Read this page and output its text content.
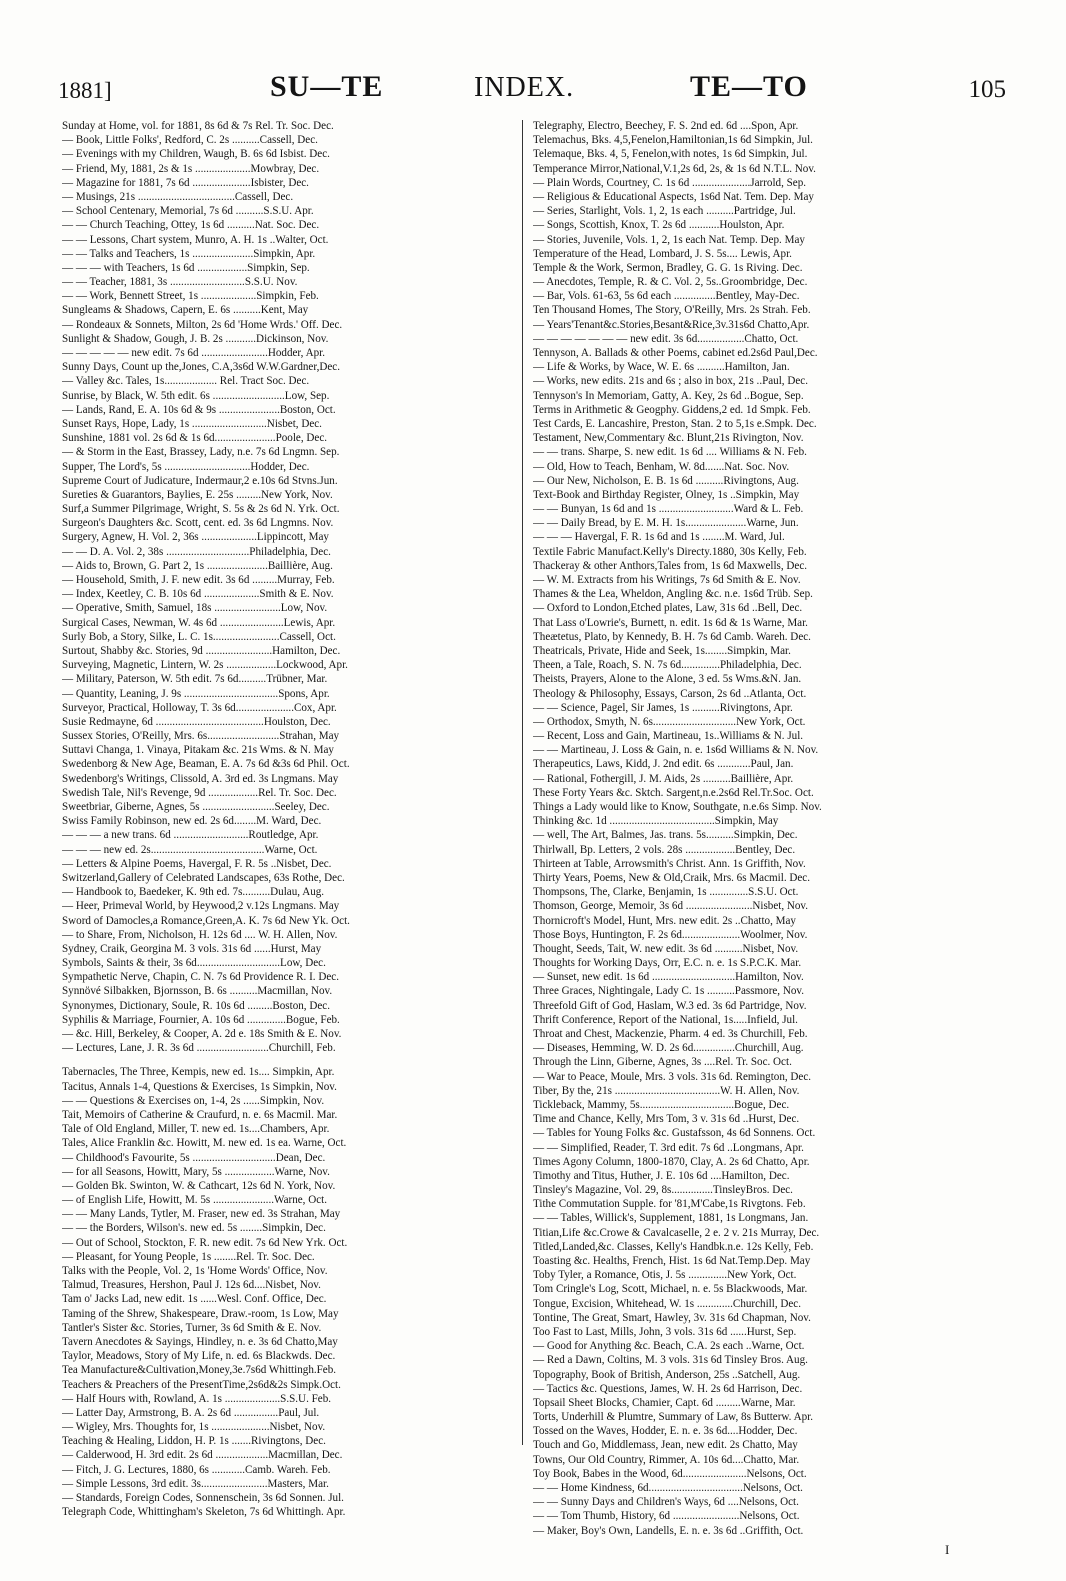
1881]	SU—TE	INDEX.	TE—TO	105
Sunday at Home, vol. for 1881, 8s 6d & 7s Rel. Tr. Soc. Dec.
— Book, Little Folks', Redford, C. 2s ..........Cassell, Dec.
— Evenings with my Children, Waugh, B. 6s 6d Isbist. Dec.
— Friend, My, 1881, 2s & 1s ....................Mowbray, Dec.
— Magazine for 1881, 7s 6d .....................Isbister, Dec.
— Musings, 21s ...................................Cassell, Dec.
— School Centenary, Memorial, 7s 6d ..........S.S.U. Apr.
— — Church Teaching, Ottey, 1s 6d ..........Nat. Soc. Dec.
— — Lessons, Chart system, Munro, A. H. 1s ..Walter, Oct.
— — Talks and Teachers, 1s ......................Simpkin, Apr.
— — — with Teachers, 1s 6d ..................Simpkin, Sep.
— — Teacher, 1881, 3s ...........................S.S.U. Nov.
— — Work, Bennett Street, 1s ....................Simpkin, Feb.
Sungleams & Shadows, Capern, E. 6s ..........Kent, May
— Rondeaux & Sonnets, Milton, 2s 6d 'Home Wrds.' Off. Dec.
Sunlight & Shadow, Gough, J. B. 2s ...........Dickinson, Nov.
— — — — — new edit. 7s 6d ........................Hodder, Apr.
Sunny Days, Count up the,Jones, C.A,3s6d W.W.Gardner,Dec.
— Valley &c. Tales, 1s................... Rel. Tract Soc. Dec.
Sunrise, by Black, W. 5th edit. 6s ..........................Low, Sep.
— Lands, Rand, E. A. 10s 6d & 9s ......................Boston, Oct.
Sunset Rays, Hope, Lady, 1s ...........................Nisbet, Dec.
Sunshine, 1881 vol. 2s 6d & 1s 6d......................Poole, Dec.
— & Storm in the East, Brassey, Lady, n.e. 7s 6d Lngmn. Sep.
Supper, The Lord's, 5s ...............................Hodder, Dec.
Supreme Court of Judicature, Indermaur,2 e.10s 6d Stvns.Jun.
Sureties & Guarantors, Baylies, E. 25s .........New York, Nov.
Surf,a Summer Pilgrimage, Wright, S. 5s & 2s 6d N. Yrk. Oct.
Surgeon's Daughters &c. Scott, cent. ed. 3s 6d Lngmns. Nov.
Surgery, Agnew, H. Vol. 2, 36s ....................Lippincott, May
— — D. A. Vol. 2, 38s ..............................Philadelphia, Dec.
— Aids to, Brown, G. Part 2, 1s ......................Baillière, Aug.
— Household, Smith, J. F. new edit. 3s 6d .........Murray, Feb.
— Index, Keetley, C. B. 10s 6d ....................Smith & E. Nov.
— Operative, Smith, Samuel, 18s ........................Low, Nov.
Surgical Cases, Newman, W. 4s 6d .......................Lewis, Apr.
Surly Bob, a Story, Silke, L. C. 1s........................Cassell, Oct.
Surtout, Shabby &c. Stories, 9d ........................Hamilton, Dec.
Surveying, Magnetic, Lintern, W. 2s ..................Lockwood, Apr.
— Military, Paterson, W. 5th edit. 7s 6d..........Trübner, Mar.
— Quantity, Leaning, J. 9s ..................................Spons, Apr.
Surveyor, Practical, Holloway, T. 3s 6d.....................Cox, Apr.
Susie Redmayne, 6d .......................................Houlston, Dec.
Sussex Stories, O'Reilly, Mrs. 6s..........................Strahan, May
Suttavi Changa, 1. Vinaya, Pitakam &c. 21s Wms. & N. May
Swedenborg & New Age, Beaman, E. A. 7s 6d &3s 6d Phil. Oct.
Swedenborg's Writings, Clissold, A. 3rd ed. 3s Lngmans. May
Swedish Tale, Nil's Revenge, 9d ..................Rel. Tr. Soc. Dec.
Sweetbriar, Giberne, Agnes, 5s ..........................Seeley, Dec.
Swiss Family Robinson, new ed. 2s 6d........M. Ward, Dec.
— — — a new trans. 6d ...........................Routledge, Apr.
— — — new ed. 2s.........................................Warne, Oct.
— Letters & Alpine Poems, Havergal, F. R. 5s ..Nisbet, Dec.
Switzerland,Gallery of Celebrated Landscapes, 63s Rothe, Dec.
— Handbook to, Baedeker, K. 9th ed. 7s..........Dulau, Aug.
— Heer, Primeval World, by Heywood,2 v.12s Lngmans. May
Sword of Damocles,a Romance,Green,A. K. 7s 6d New Yk. Oct.
— to Share, From, Nicholson, H. 12s 6d .... W. H. Allen, Nov.
Sydney, Craik, Georgina M. 3 vols. 31s 6d ......Hurst, May
Symbols, Saints & their, 3s 6d..............................Low, Dec.
Sympathetic Nerve, Chapin, C. N. 7s 6d Providence R. I. Dec.
Synnövé Silbakken, Bjornsson, B. 6s ..........Macmillan, Nov.
Synonymes, Dictionary, Soule, R. 10s 6d .........Boston, Dec.
Syphilis & Marriage, Fournier, A. 10s 6d ..............Bogue, Feb.
— &c. Hill, Berkeley, & Cooper, A. 2d e. 18s Smith & E. Nov.
— Lectures, Lane, J. R. 3s 6d ..........................Churchill, Feb.
Tabernacles, The Three, Kempis, new ed. 1s.... Simpkin, Apr.
Tacitus, Annals 1-4, Questions & Exercises, 1s Simpkin, Nov.
— — Questions & Exercises on, 1-4, 2s ......Simpkin, Nov.
Tait, Memoirs of Catherine & Craufurd, n. e. 6s Macmil. Mar.
Tale of Old England, Miller, T. new ed. 1s....Chambers, Apr.
Tales, Alice Franklin &c. Howitt, M. new ed. 1s ea. Warne, Oct.
— Childhood's Favourite, 5s ..............................Dean, Dec.
— for all Seasons, Howitt, Mary, 5s ..................Warne, Nov.
— Golden Bk. Swinton, W. & Cathcart, 12s 6d N. York, Nov.
— of English Life, Howitt, M. 5s ......................Warne, Oct.
— — Many Lands, Tytler, M. Fraser, new ed. 3s Strahan, May
— — the Borders, Wilson's. new ed. 5s ........Simpkin, Dec.
— Out of School, Stockton, F. R. new edit. 7s 6d New Yrk. Oct.
— Pleasant, for Young People, 1s ........Rel. Tr. Soc. Dec.
Talks with the People, Vol. 2, 1s 'Home Words' Office, Nov.
Talmud, Treasures, Hershon, Paul J. 12s 6d....Nisbet, Nov.
Tam o' Jacks Lad, new edit. 1s ......Wesl. Conf. Office, Dec.
Taming of the Shrew, Shakespeare, Draw.-room, 1s Low, May
Tantler's Sister &c. Stories, Turner, 3s 6d Smith & E. Nov.
Tavern Anecdotes & Sayings, Hindley, n. e. 3s 6d Chatto,May
Taylor, Meadows, Story of My Life, n. ed. 6s Blackwds. Dec.
Tea Manufacture&Cultivation,Money,3e.7s6d Whittingh.Feb.
Teachers & Preachers of the PresentTime,2s6d&2s Simpk.Oct.
— Half Hours with, Rowland, A. 1s ....................S.S.U. Feb.
— Latter Day, Armstrong, B. A. 2s 6d ................Paul, Jul.
— Wigley, Mrs. Thoughts for, 1s .....................Nisbet, Nov.
Teaching & Healing, Liddon, H. P. 1s .......Rivingtons, Dec.
— Calderwood, H. 3rd edit. 2s 6d ...................Macmillan, Dec.
— Fitch, J. G. Lectures, 1880, 6s ............Camb. Wareh. Feb.
— Simple Lessons, 3rd edit. 3s........................Masters, Mar.
— Standards, Foreign Codes, Sonnenschein, 3s 6d Sonnen. Jul.
Telegraph Code, Whittingham's Skeleton, 7s 6d Whittingh. Apr.
Telegraphy, Electro, Beechey, F. S. 2nd ed. 6d ....Spon, Apr.
Telemachus, Bks. 4,5,Fenelon,Hamiltonian,1s 6d Simpkin, Jul.
Telemaque, Bks. 4, 5, Fenelon,with notes, 1s 6d Simpkin, Jul.
Temperance Mirror,National,V.1,2s 6d, 2s, & 1s 6d N.T.L. Nov.
— Plain Words, Courtney, C. 1s 6d .....................Jarrold, Sep.
— Religious & Educational Aspects, 1s6d Nat. Tem. Dep. May
— Series, Starlight, Vols. 1, 2, 1s each ..........Partridge, Jul.
— Songs, Scottish, Knox, T. 2s 6d ...........Houlston, Apr.
— Stories, Juvenile, Vols. 1, 2, 1s each Nat. Temp. Dep. May
Temperature of the Head, Lombard, J. S. 5s.... Lewis, Apr.
Temple & the Work, Sermon, Bradley, G. G. 1s Riving. Dec.
— Anecdotes, Temple, R. & C. Vol. 2, 5s..Groombridge, Dec.
— Bar, Vols. 61-63, 5s 6d each ...............Bentley, May-Dec.
Ten Thousand Homes, The Story, O'Reilly, Mrs. 2s Strah. Feb.
— Years'Tenant&c.Stories,Besant&Rice,3v.31s6d Chatto,Apr.
— — — — — — — new edit. 3s 6d.................Chatto, Oct.
Tennyson, A. Ballads & other Poems, cabinet ed.2s6d Paul,Dec.
— Life & Works, by Wace, W. E. 6s ..........Hamilton, Jan.
— Works, new edits. 21s and 6s ; also in box, 21s ..Paul, Dec.
Tennyson's In Memoriam, Gatty, A. Key, 2s 6d ..Bogue, Sep.
Terms in Arithmetic & Geogphy. Giddens,2 ed. 1d Smpk. Feb.
Test Cards, E. Lancashire, Preston, Stan. 2 to 5,1s e.Smpk. Dec.
Testament, New,Commentary &c. Blunt,21s Rivington, Nov.
— — trans. Sharpe, S. new edit. 1s 6d .... Williams & N. Feb.
— Old, How to Teach, Benham, W. 8d.......Nat. Soc. Nov.
— Our New, Nicholson, E. B. 1s 6d ..........Rivingtons, Aug.
Text-Book and Birthday Register, Olney, 1s ..Simpkin, May
— — Bunyan, 1s 6d and 1s ...........................Ward & L. Feb.
— — Daily Bread, by E. M. H. 1s......................Warne, Jun.
— — — Havergal, F. R. 1s 6d and 1s ........M. Ward, Jul.
Textile Fabric Manufact.Kelly's Directy.1880, 30s Kelly, Feb.
Thackeray & other Anthors,Tales from, 1s 6d Maxwells, Dec.
— W. M. Extracts from his Writings, 7s 6d Smith & E. Nov.
Thames & the Lea, Wheldon, Angling &c. n.e. 1s6d Trüb. Sep.
— Oxford to London,Etched plates, Law, 31s 6d ..Bell, Dec.
That Lass o'Lowrie's, Burnett, n. edit. 1s 6d & 1s Warne, Mar.
Theætetus, Plato, by Kennedy, B. H. 7s 6d Camb. Wareh. Dec.
Theatricals, Private, Hide and Seek, 1s........Simpkin, Mar.
Theen, a Tale, Roach, S. N. 7s 6d..............Philadelphia, Dec.
Theists, Prayers, Alone to the Alone, 3 ed. 5s Wms.&N. Jan.
Theology & Philosophy, Essays, Carson, 2s 6d ..Atlanta, Oct.
— — Science, Pagel, Sir James, 1s ..........Rivingtons, Apr.
— Orthodox, Smyth, N. 6s..............................New York, Oct.
— Recent, Loss and Gain, Martineau, 1s..Williams & N. Jul.
— — Martineau, J. Loss & Gain, n. e. 1s6d Williams & N. Nov.
Therapeutics, Laws, Kidd, J. 2nd edit. 6s ............Paul, Jan.
— Rational, Fothergill, J. M. Aids, 2s ..........Baillière, Apr.
These Forty Years &c. Sktch. Sargent,n.e.2s6d Rel.Tr.Soc. Oct.
Things a Lady would like to Know, Southgate, n.e.6s Simp. Nov.
Thinking &c. 1d ......................................Simpkin, May
— well, The Art, Balmes, Jas. trans. 5s..........Simpkin, Dec.
Thirlwall, Bp. Letters, 2 vols. 28s ..................Bentley, Dec.
Thirteen at Table, Arrowsmith's Christ. Ann. 1s Griffith, Nov.
Thirty Years, Poems, New & Old,Craik, Mrs. 6s Macmil. Dec.
Thompsons, The, Clarke, Benjamin, 1s ..............S.S.U. Oct.
Thomson, George, Memoir, 3s 6d ........................Nisbet, Nov.
Thornicroft's Model, Hunt, Mrs. new edit. 2s ..Chatto, May
Those Boys, Huntington, F. 2s 6d.....................Woolmer, Nov.
Thought, Seeds, Tait, W. new edit. 3s 6d ..........Nisbet, Nov.
Thoughts for Working Days, Orr, E.C. n. e. 1s S.P.C.K. Mar.
— Sunset, new edit. 1s 6d ..............................Hamilton, Nov.
Three Graces, Nightingale, Lady C. 1s ..........Passmore, Nov.
Threefold Gift of God, Haslam, W.3 ed. 3s 6d Partridge, Nov.
Thrift Conference, Report of the National, 1s.....Infield, Jul.
Throat and Chest, Mackenzie, Pharm. 4 ed. 3s Churchill, Feb.
— Diseases, Hemming, W. D. 2s 6d...............Churchill, Aug.
Through the Linn, Giberne, Agnes, 3s ....Rel. Tr. Soc. Oct.
— War to Peace, Moule, Mrs. 3 vols. 31s 6d. Remington, Dec.
Tiber, By the, 21s ......................................W. H. Allen, Nov.
Tickleback, Mammy, 5s..................................Bogue, Dec.
Time and Chance, Kelly, Mrs Tom, 3 v. 31s 6d ..Hurst, Dec.
— Tables for Young Folks &c. Gustafsson, 4s 6d Sonnens. Oct.
— — Simplified, Reader, T. 3rd edit. 7s 6d ..Longmans, Apr.
Times Agony Column, 1800-1870, Clay, A. 2s 6d Chatto, Apr.
Timothy and Titus, Huther, J. E. 10s 6d ....Hamilton, Dec.
Tinsley's Magazine, Vol. 29, 8s...............TinsleyBros. Dec.
Tithe Commutation Supple. for '81,M'Cabe,1s Rivgtons. Feb.
— — Tables, Willick's, Supplement, 1881, 1s Longmans, Jan.
Titian,Life &c.Crowe & Cavalcaselle, 2 e. 2 v. 21s Murray, Dec.
Titled,Landed,&c. Classes, Kelly's Handbk.n.e. 12s Kelly, Feb.
Toasting &c. Healths, French, Hist. 1s 6d Nat.Temp.Dep. May
Toby Tyler, a Romance, Otis, J. 5s ..............New York, Oct.
Tom Cringle's Log, Scott, Michael, n. e. 5s Blackwoods, Mar.
Tongue, Excision, Whitehead, W. 1s .............Churchill, Dec.
Tontine, The Great, Smart, Hawley, 3v. 31s 6d Chapman, Nov.
Too Fast to Last, Mills, John, 3 vols. 31s 6d ......Hurst, Sep.
— Good for Anything &c. Beach, C.A. 2s each ..Warne, Oct.
— Red a Dawn, Coltins, M. 3 vols. 31s 6d Tinsley Bros. Aug.
Topography, Book of British, Anderson, 25s ..Satchell, Aug.
— Tactics &c. Questions, James, W. H. 2s 6d Harrison, Dec.
Topsail Sheet Blocks, Chamier, Capt. 6d .........Warne, Mar.
Torts, Underhill & Plumtre, Summary of Law, 8s Butterw. Apr.
Tossed on the Waves, Hodder, E. n. e. 3s 6d....Hodder, Dec.
Touch and Go, Middlemass, Jean, new edit. 2s Chatto, May
Towns, Our Old Country, Rimmer, A. 10s 6d....Chatto, Mar.
Toy Book, Babes in the Wood, 6d.......................Nelsons, Oct.
— — Home Kindness, 6d..................................Nelsons, Oct.
— — Sunny Days and Children's Ways, 6d ....Nelsons, Oct.
— — Tom Thumb, History, 6d ........................Nelsons, Oct.
— Maker, Boy's Own, Landells, E. n. e. 3s 6d ..Griffith, Oct.
I
